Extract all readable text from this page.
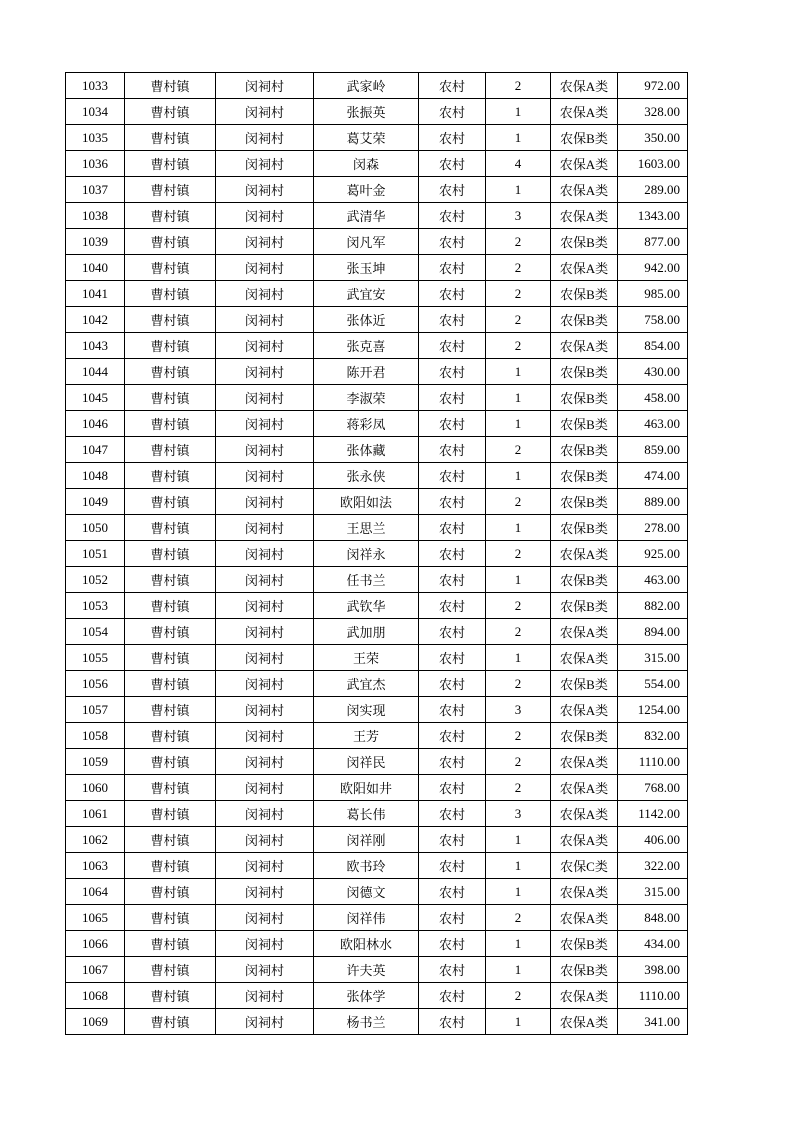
1033	曹村镇	闵祠村	武家岭	农村	2	农保A类	972.00
1034	曹村镇	闵祠村	张振英	农村	1	农保A类	328.00
1035	曹村镇	闵祠村	葛艾荣	农村	1	农保B类	350.00
1036	曹村镇	闵祠村	闵森	农村	4	农保A类	1603.00
1037	曹村镇	闵祠村	葛叶金	农村	1	农保A类	289.00
1038	曹村镇	闵祠村	武清华	农村	3	农保A类	1343.00
1039	曹村镇	闵祠村	闵凡军	农村	2	农保B类	877.00
1040	曹村镇	闵祠村	张玉坤	农村	2	农保A类	942.00
1041	曹村镇	闵祠村	武宜安	农村	2	农保B类	985.00
1042	曹村镇	闵祠村	张体近	农村	2	农保B类	758.00
1043	曹村镇	闵祠村	张克喜	农村	2	农保A类	854.00
1044	曹村镇	闵祠村	陈开君	农村	1	农保B类	430.00
1045	曹村镇	闵祠村	李淑荣	农村	1	农保B类	458.00
1046	曹村镇	闵祠村	蒋彩凤	农村	1	农保B类	463.00
1047	曹村镇	闵祠村	张体藏	农村	2	农保B类	859.00
1048	曹村镇	闵祠村	张永侠	农村	1	农保B类	474.00
1049	曹村镇	闵祠村	欧阳如法	农村	2	农保B类	889.00
1050	曹村镇	闵祠村	王思兰	农村	1	农保B类	278.00
1051	曹村镇	闵祠村	闵祥永	农村	2	农保A类	925.00
1052	曹村镇	闵祠村	任书兰	农村	1	农保B类	463.00
1053	曹村镇	闵祠村	武钦华	农村	2	农保B类	882.00
1054	曹村镇	闵祠村	武加朋	农村	2	农保A类	894.00
1055	曹村镇	闵祠村	王荣	农村	1	农保A类	315.00
1056	曹村镇	闵祠村	武宜杰	农村	2	农保B类	554.00
1057	曹村镇	闵祠村	闵实现	农村	3	农保A类	1254.00
1058	曹村镇	闵祠村	王芳	农村	2	农保B类	832.00
1059	曹村镇	闵祠村	闵祥民	农村	2	农保A类	1110.00
1060	曹村镇	闵祠村	欧阳如井	农村	2	农保A类	768.00
1061	曹村镇	闵祠村	葛长伟	农村	3	农保A类	1142.00
1062	曹村镇	闵祠村	闵祥刚	农村	1	农保A类	406.00
1063	曹村镇	闵祠村	欧书玲	农村	1	农保C类	322.00
1064	曹村镇	闵祠村	闵德文	农村	1	农保A类	315.00
1065	曹村镇	闵祠村	闵祥伟	农村	2	农保A类	848.00
1066	曹村镇	闵祠村	欧阳林水	农村	1	农保B类	434.00
1067	曹村镇	闵祠村	许夫英	农村	1	农保B类	398.00
1068	曹村镇	闵祠村	张体学	农村	2	农保A类	1110.00
1069	曹村镇	闵祠村	杨书兰	农村	1	农保A类	341.00
